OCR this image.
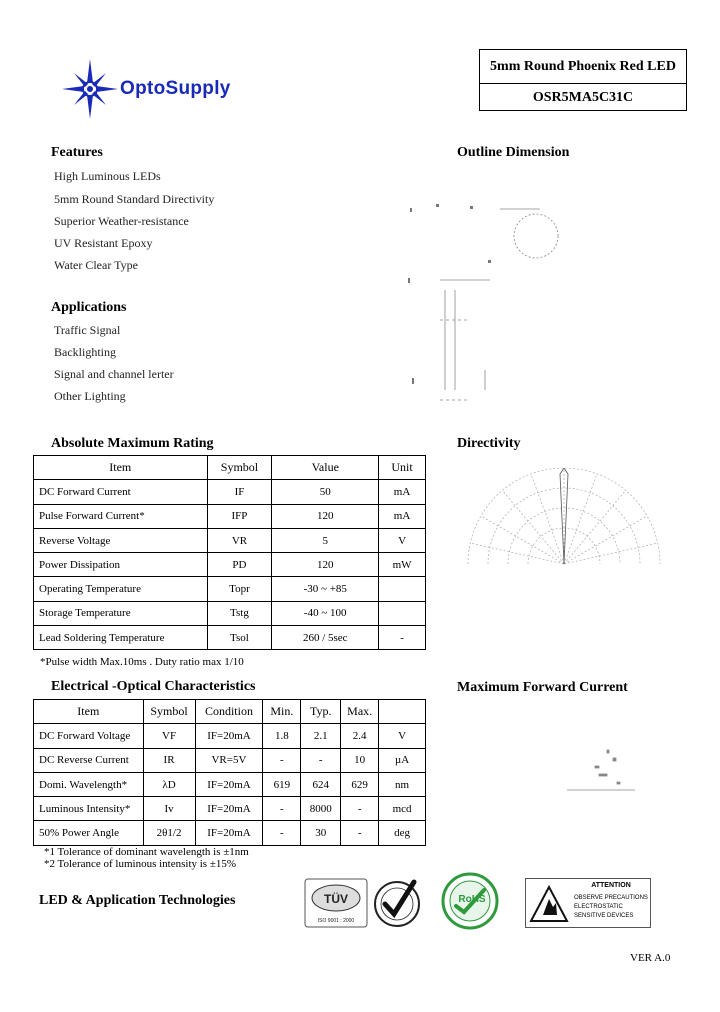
OptoSupply
5mm Round Phoenix Red LED
OSR5MA5C31C
Features
High Luminous LEDs
5mm Round Standard Directivity
Superior Weather-resistance
UV Resistant Epoxy
Water Clear Type
Applications
Traffic Signal
Backlighting
Signal and channel lerter
Other Lighting
Outline Dimension
Directivity
Maximum Forward Current
Absolute Maximum Rating
Item	Symbol	Value	Unit
DC Forward Current	IF	50	mA
Pulse Forward Current*	IFP	120	mA
Reverse Voltage	VR	5	V
Power Dissipation	PD	120	mW
Operating Temperature	Topr	-30 ~ +85	
Storage Temperature	Tstg	-40 ~ 100	
Lead Soldering Temperature	Tsol	260 / 5sec	-
*Pulse width Max.10ms . Duty ratio max 1/10
Electrical -Optical Characteristics
Item	Symbol	Condition	Min.	Typ.	Max.	
DC Forward Voltage	VF	IF=20mA	1.8	2.1	2.4	V
DC Reverse Current	IR	VR=5V	-	-	10	µA
Domi. Wavelength*	λD	IF=20mA	619	624	629	nm
Luminous Intensity*	Iv	IF=20mA	-	8000	-	mcd
50% Power Angle	2θ1/2	IF=20mA	-	30	-	deg
*1 Tolerance of dominant wavelength is ±1nm
*2 Tolerance of luminous intensity is ±15%
LED & Application Technologies	TÜV
ISO 9001 : 2000
RoHS
ATTENTION
OBSERVE PRECAUTIONS
ELECTROSTATIC
SENSITIVE DEVICES
VER A.0
